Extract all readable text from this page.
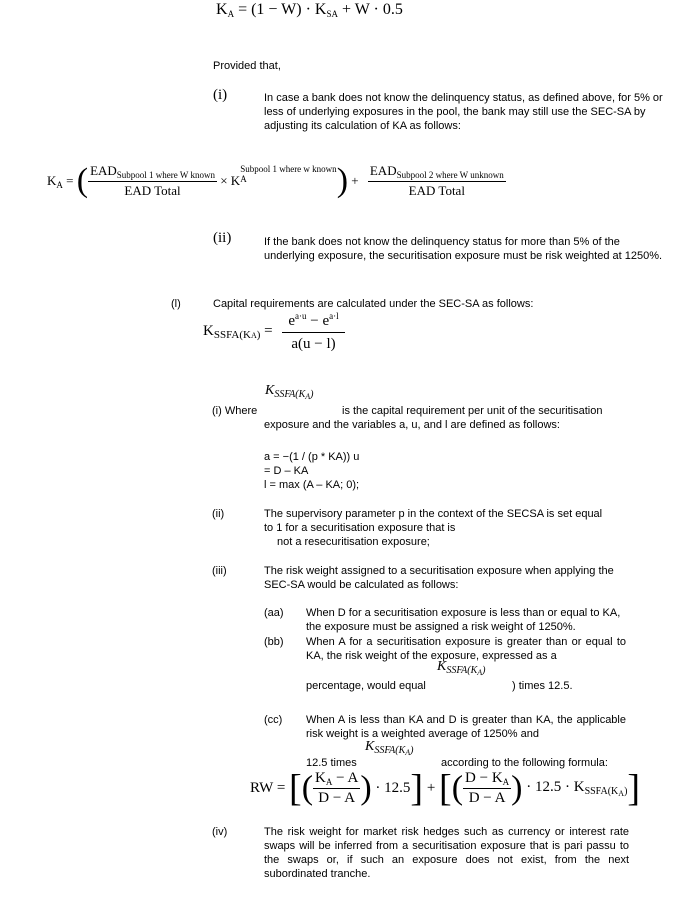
$K_A = (1 - W) \cdot K_{SA} + W \cdot 0.5$
Provided that,
(i)	In case a bank does not know the delinquency status, as defined above, for 5% or less of underlying exposures in the pool, the bank may still use the SEC-SA by adjusting its calculation of KA as follows:
$K_A$ = ( $\frac{EAD_{Subpool 1 where W known}}{\text{EAD Total}} \times K$
Subpool 1 where w known
A	) + $\frac{EAD_{Subpool 2 where W unknown}}{\text{EAD Total}}$
(ii)	If the bank does not know the delinquency status for more than 5% of the underlying exposure, the securitisation exposure must be risk weighted at 1250%.
(l)	Capital requirements are calculated under the SEC-SA as follows:
$K_{SSFA(KA)} = \frac{e^{a\cdot u} - e^{a\cdot l}}{a(u - l)}$
$K_{SSFA(KA)}$
(i) Where	is the capital requirement per unit of the securitisation
exposure and the variables a, u, and l are defined as follows:
a = −(1 / (p * KA)) u
= D – KA
l = max (A – KA; 0);
(ii)	The supervisory parameter p in the context of the SECSA is set equal
to 1 for a securitisation exposure that is
not a resecuritisation exposure;
(iii)	The risk weight assigned to a securitisation exposure when applying the SEC-SA would be calculated as follows:
(aa) When D for a securitisation exposure is less than or equal to KA, the exposure must be assigned a risk weight of 1250%.
(bb) When A for a securitisation exposure is greater than or equal to KA, the risk weight of the exposure, expressed as a
$K_{SSFA(KA)}$
percentage, would equal	) times 12.5.
(cc) When A is less than KA and D is greater than KA, the applicable risk weight is a weighted average of 1250% and
$K_{SSFA(KA)}$
12.5 times	according to the following formula:
RW = [( $\frac{K_A - A}{D - A}$ ) · 12.5] + [( $\frac{D - K_A}{D - A}$ ) · $12.5 \cdot K_{SSFA(KA)}$]
(iv)	The risk weight for market risk hedges such as currency or interest rate swaps will be inferred from a securitisation exposure that is pari passu to the swaps or, if such an exposure does not exist, from the next subordinated tranche.
